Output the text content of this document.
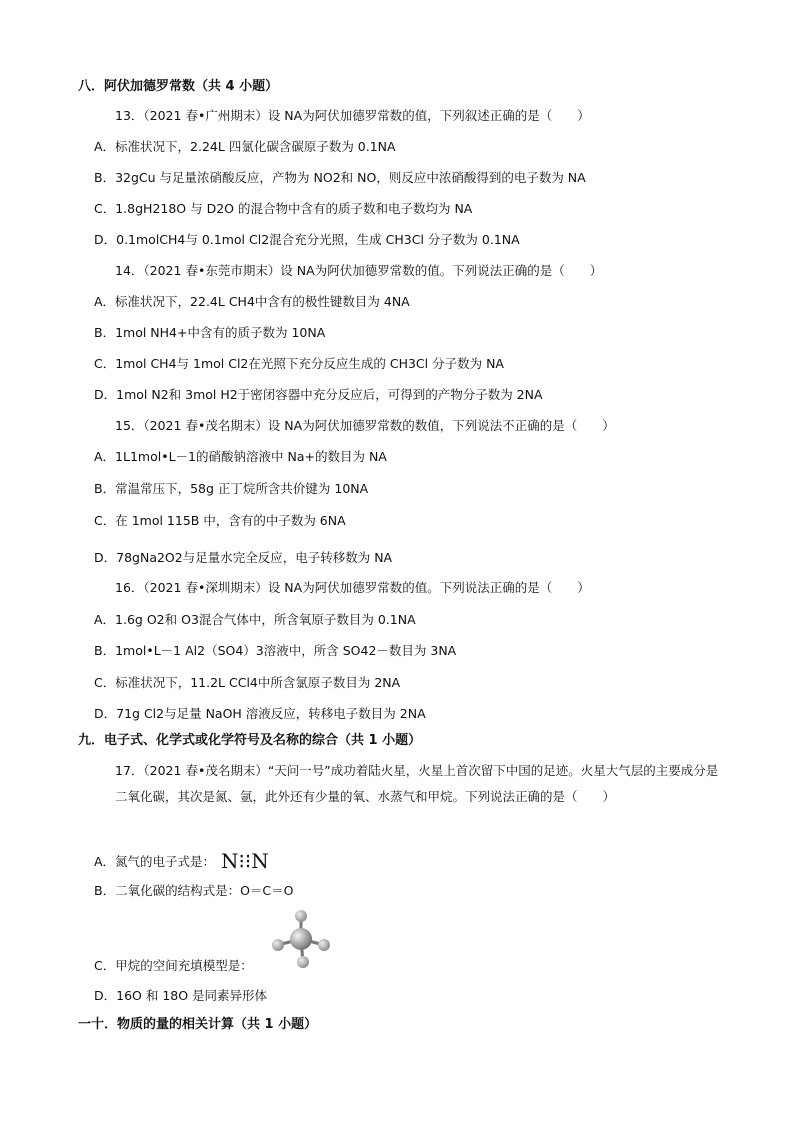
八．阿伏加德罗常数（共 4 小题）
13．（2021 春•广州期末）设 NA为阿伏加德罗常数的值，下列叙述正确的是（　　）
A．标准状况下，2.24L 四氯化碳含碳原子数为 0.1NA
B．32gCu 与足量浓硝酸反应，产物为 NO2和 NO，则反应中浓硝酸得到的电子数为 NA
C．1.8gH218O 与 D2O 的混合物中含有的质子数和电子数均为 NA
D．0.1molCH4与 0.1mol Cl2混合充分光照，生成 CH3Cl 分子数为 0.1NA
14．（2021 春•东莞市期末）设 NA为阿伏加德罗常数的值。下列说法正确的是（　　）
A．标准状况下，22.4L CH4中含有的极性键数目为 4NA
B．1mol NH4+中含有的质子数为 10NA
C．1mol CH4与 1mol Cl2在光照下充分反应生成的 CH3Cl 分子数为 NA
D．1mol N2和 3mol H2于密闭容器中充分反应后，可得到的产物分子数为 2NA
15．（2021 春•茂名期末）设 NA为阿伏加德罗常数的数值，下列说法不正确的是（　　）
A．1L1mol•L－1的硝酸钠溶液中 Na+的数目为 NA
B．常温常压下，58g 正丁烷所含共价键为 10NA
C．在 1mol 115B 中，含有的中子数为 6NA
D．78gNa2O2与足量水完全反应，电子转移数为 NA
16．（2021 春•深圳期末）设 NA为阿伏加德罗常数的值。下列说法正确的是（　　）
A．1.6g O2和 O3混合气体中，所含氧原子数目为 0.1NA
B．1mol•L－1 Al2（SO4）3溶液中，所含 SO42－数目为 3NA
C．标准状况下，11.2L CCl4中所含氯原子数目为 2NA
D．71g Cl2与足量 NaOH 溶液反应，转移电子数目为 2NA
九．电子式、化学式或化学符号及名称的综合（共 1 小题）
17．（2021 春•茂名期末）“天问一号”成功着陆火星，火星上首次留下中国的足迹。火星大气层的主要成分是二氧化碳，其次是氮、氩，此外还有少量的氧、水蒸气和甲烷。下列说法正确的是（　　）
A．氮气的电子式是： N⁝⁝N
B．二氧化碳的结构式是：O＝C＝O
C．甲烷的空间充填模型是：
D．16O 和 18O 是同素异形体
一十．物质的量的相关计算（共 1 小题）
